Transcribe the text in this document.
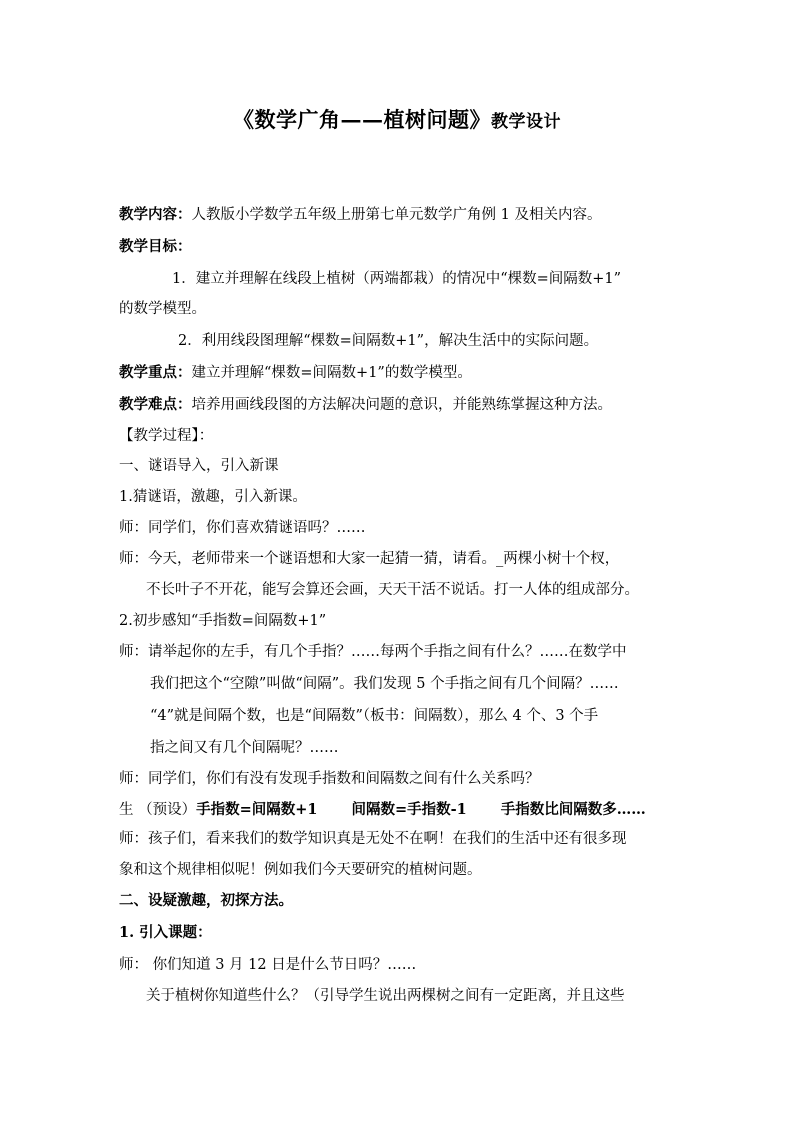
《数学广角——植树问题》教学设计
教学内容：人教版小学数学五年级上册第七单元数学广角例 1 及相关内容。
教学目标：
1．建立并理解在线段上植树（两端都栽）的情况中“棵数=间隔数+1”
的数学模型。
2．利用线段图理解“棵数=间隔数+1”，解决生活中的实际问题。
教学重点：建立并理解“棵数=间隔数+1”的数学模型。
教学难点：培养用画线段图的方法解决问题的意识，并能熟练掌握这种方法。
【教学过程】：
一、谜语导入，引入新课
1.猜谜语，激趣，引入新课。
师：同学们，你们喜欢猜谜语吗？……
师：今天，老师带来一个谜语想和大家一起猜一猜，请看。_两棵小树十个杈，
不长叶子不开花，能写会算还会画，天天干活不说话。打一人体的组成部分。
2.初步感知“手指数=间隔数+1”
师：请举起你的左手，有几个手指？……每两个手指之间有什么？……在数学中
我们把这个“空隙”叫做“间隔”。我们发现 5 个手指之间有几个间隔？……
“4”就是间隔个数，也是“间隔数”（板书：间隔数），那么 4 个、3 个手
指之间又有几个间隔呢？……
师：同学们，你们有没有发现手指数和间隔数之间有什么关系吗？
生 （预设）手指数=间隔数+1 间隔数=手指数-1 手指数比间隔数多……
师：孩子们，看来我们的数学知识真是无处不在啊！在我们的生活中还有很多现
象和这个规律相似呢！例如我们今天要研究的植树问题。
二、设疑激趣，初探方法。
1. 引入课题：
师： 你们知道 3 月 12 日是什么节日吗？……
关于植树你知道些什么？（引导学生说出两棵树之间有一定距离，并且这些
